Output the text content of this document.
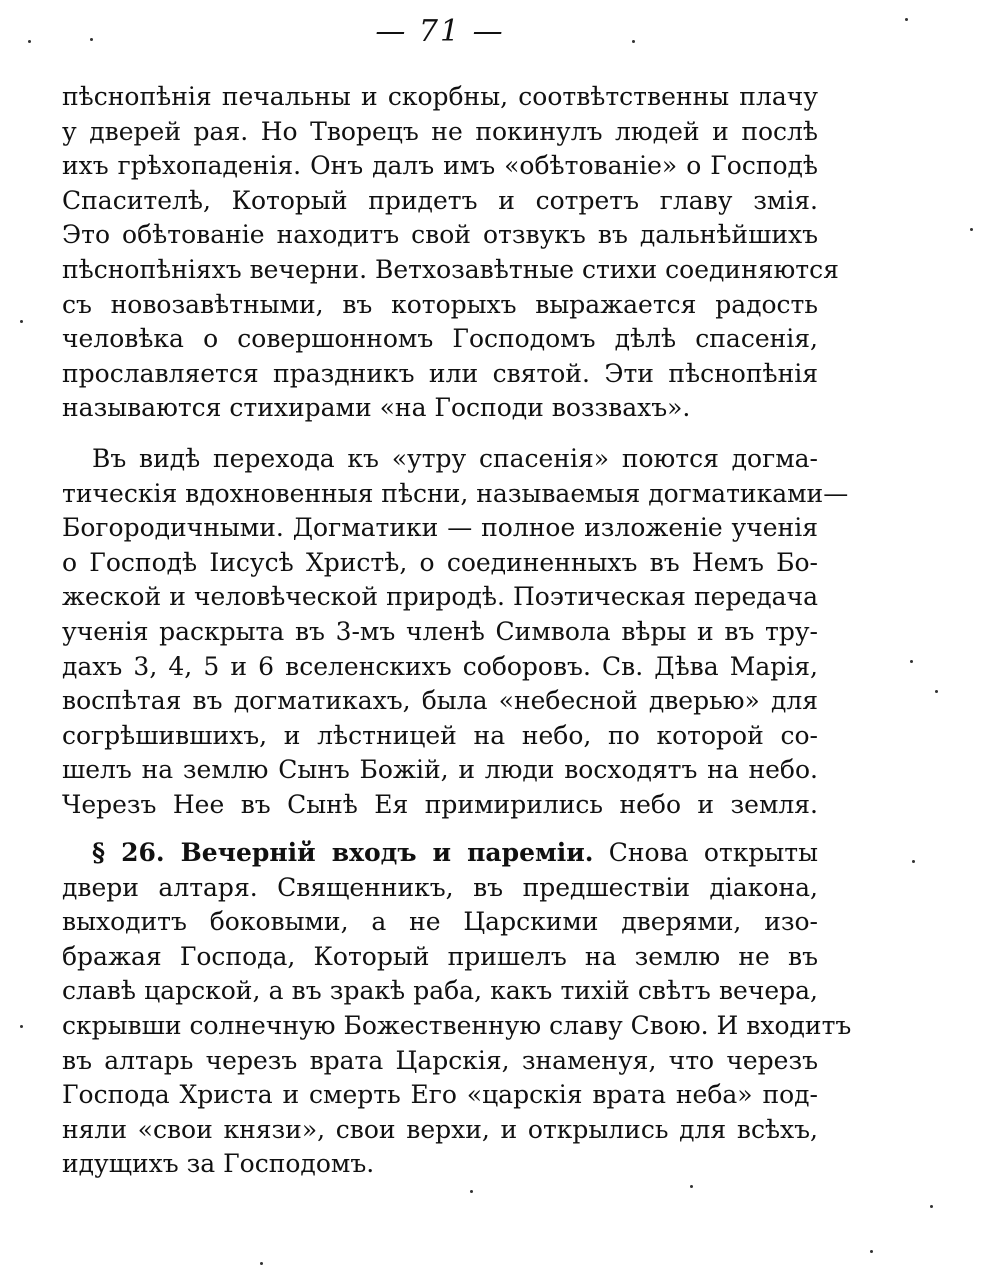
— 71 —
пѣснопѣнія печальны и скорбны, соотвѣтственны плачу
у дверей рая. Но Творецъ не покинулъ людей и послѣ
ихъ грѣхопаденія. Онъ далъ имъ «обѣтованіе» о Господѣ
Спасителѣ, Который придетъ и сотретъ главу змія.
Это обѣтованіе находитъ свой отзвукъ въ дальнѣйшихъ
пѣснопѣніяхъ вечерни. Ветхозавѣтные стихи соединяются
съ новозавѣтными, въ которыхъ выражается радость
человѣка о совершонномъ Господомъ дѣлѣ спасенія,
прославляется праздникъ или святой. Эти пѣснопѣнія
называются стихирами «на Господи воззвахъ».
Въ видѣ перехода къ «утру спасенія» поются догма-
тическія вдохновенныя пѣсни, называемыя догматиками—
Богородичными. Догматики — полное изложеніе ученія
о Господѣ Іисусѣ Христѣ, о соединенныхъ въ Немъ Бо-
жеской и человѣческой природѣ. Поэтическая передача
ученія раскрыта въ 3-мъ членѣ Символа вѣры и въ тру-
дахъ 3, 4, 5 и 6 вселенскихъ соборовъ. Св. Дѣва Марія,
воспѣтая въ догматикахъ, была «небесной дверью» для
согрѣшившихъ, и лѣстницей на небо, по которой со-
шелъ на землю Сынъ Божій, и люди восходятъ на небо.
Черезъ Нее въ Сынѣ Ея примирились небо и земля.
§ 26. Вечерній входъ и пареміи. Снова открыты
двери алтаря. Священникъ, въ предшествіи діакона,
выходитъ боковыми, а не Царскими дверями, изо-
бражая Господа, Который пришелъ на землю не въ
славѣ царской, а въ зракѣ раба, какъ тихій свѣтъ вечера,
скрывши солнечную Божественную славу Свою. И входитъ
въ алтарь черезъ врата Царскія, знаменуя, что черезъ
Господа Христа и смерть Его «царскія врата неба» под-
няли «свои князи», свои верхи, и открылись для всѣхъ,
идущихъ за Господомъ.
